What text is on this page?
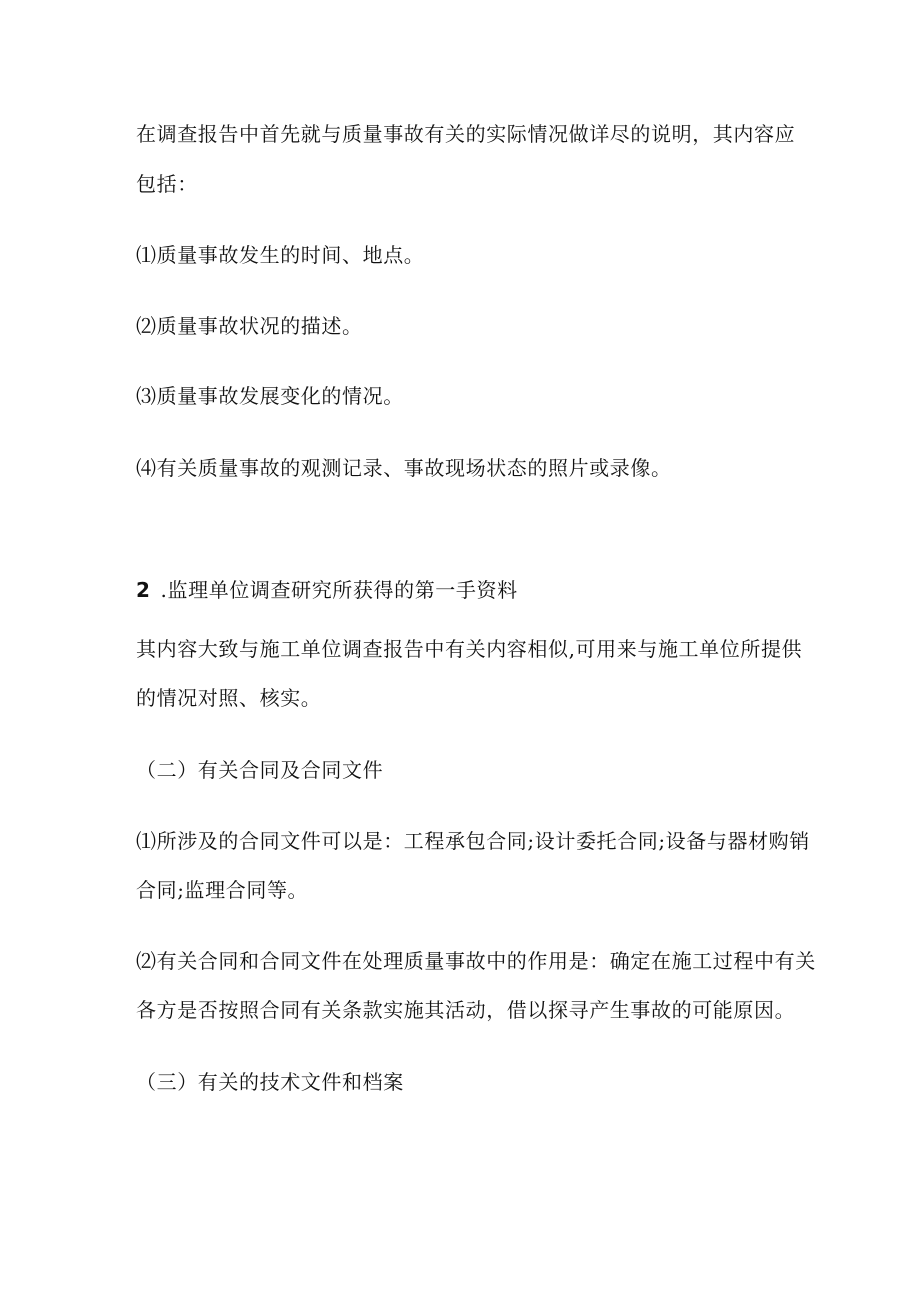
在调查报告中首先就与质量事故有关的实际情况做详尽的说明，其内容应
包括：
⑴质量事故发生的时间、地点。
⑵质量事故状况的描述。
⑶质量事故发展变化的情况。
⑷有关质量事故的观测记录、事故现场状态的照片或录像。
2 .监理单位调查研究所获得的第一手资料
其内容大致与施工单位调查报告中有关内容相似,可用来与施工单位所提供
的情况对照、核实。
（二）有关合同及合同文件
⑴所涉及的合同文件可以是：工程承包合同;设计委托合同;设备与器材购销
合同;监理合同等。
⑵有关合同和合同文件在处理质量事故中的作用是：确定在施工过程中有关
各方是否按照合同有关条款实施其活动，借以探寻产生事故的可能原因。
（三）有关的技术文件和档案
